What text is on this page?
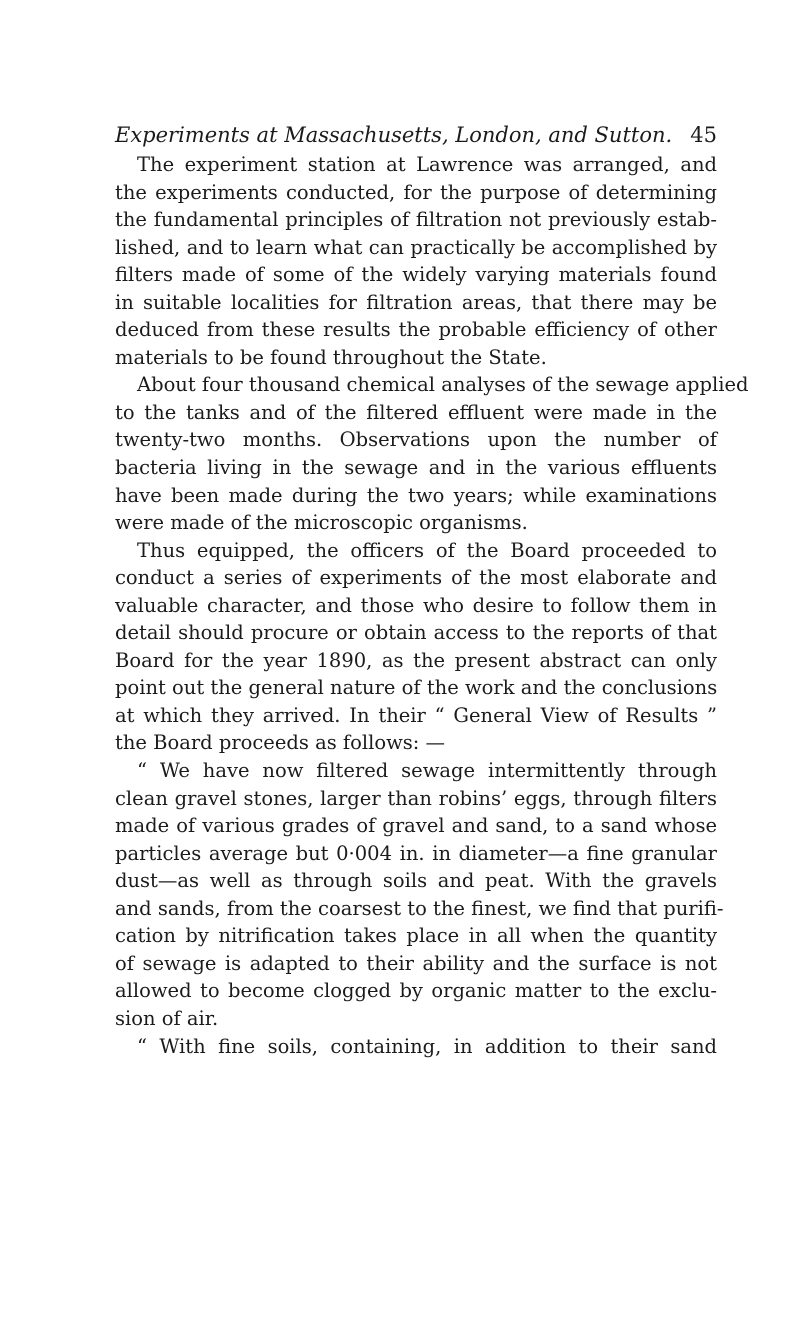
Experiments at Massachusetts, London, and Sutton. 45
The experiment station at Lawrence was arranged, and
the experiments conducted, for the purpose of determining
the fundamental principles of filtration not previously estab-
lished, and to learn what can practically be accomplished by
filters made of some of the widely varying materials found
in suitable localities for filtration areas, that there may be
deduced from these results the probable efficiency of other
materials to be found throughout the State.
About four thousand chemical analyses of the sewage applied
to the tanks and of the filtered effluent were made in the
twenty-two months. Observations upon the number of
bacteria living in the sewage and in the various effluents
have been made during the two years; while examinations
were made of the microscopic organisms.
Thus equipped, the officers of the Board proceeded to
conduct a series of experiments of the most elaborate and
valuable character, and those who desire to follow them in
detail should procure or obtain access to the reports of that
Board for the year 1890, as the present abstract can only
point out the general nature of the work and the conclusions
at which they arrived. In their “ General View of Results ”
the Board proceeds as follows: —
“ We have now filtered sewage intermittently through
clean gravel stones, larger than robins’ eggs, through filters
made of various grades of gravel and sand, to a sand whose
particles average but 0·004 in. in diameter—a fine granular
dust—as well as through soils and peat. With the gravels
and sands, from the coarsest to the finest, we find that purifi-
cation by nitrification takes place in all when the quantity
of sewage is adapted to their ability and the surface is not
allowed to become clogged by organic matter to the exclu-
sion of air.
“ With fine soils, containing, in addition to their sand
